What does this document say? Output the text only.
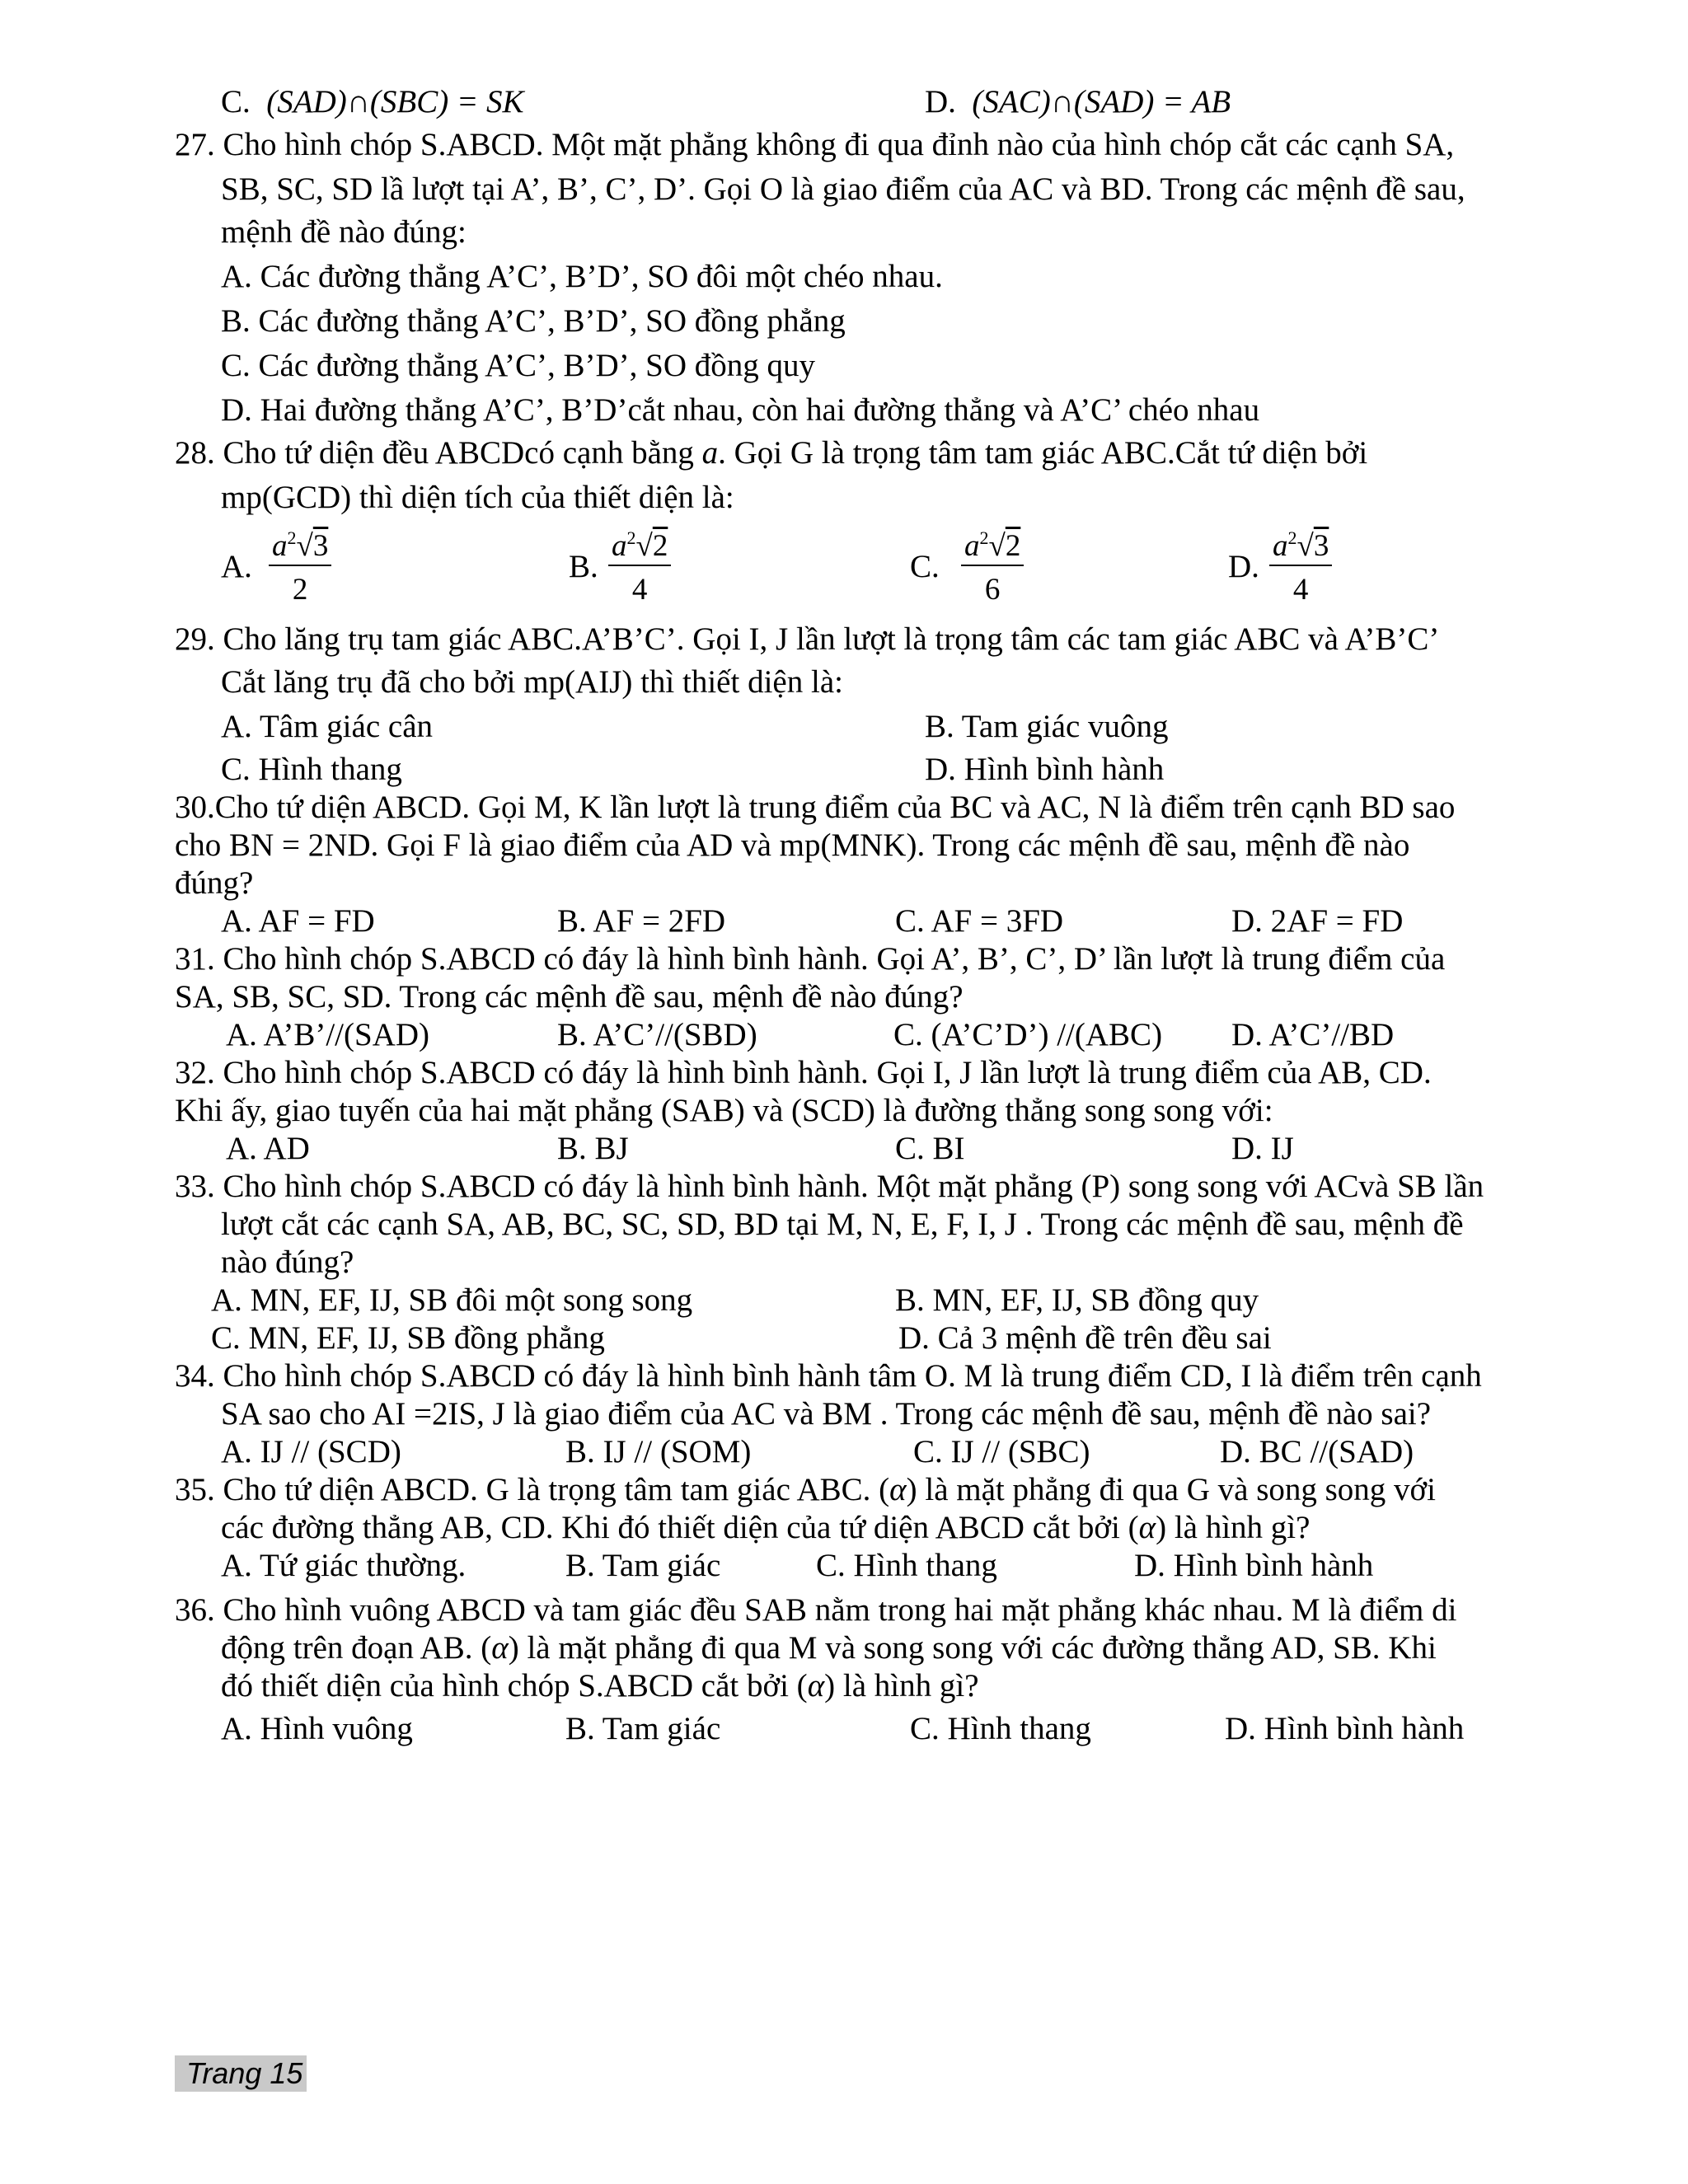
C. (SAD)∩(SBC) = SK	D. (SAC)∩(SAD) = AB
27. Cho hình chóp S.ABCD. Một mặt phẳng không đi qua đỉnh nào của hình chóp cắt các cạnh SA,
SB, SC, SD lầ lượt tại A’, B’, C’, D’. Gọi O là giao điểm của AC và BD. Trong các mệnh đề sau,
mệnh đề nào đúng:
A. Các đường thẳng A’C’, B’D’, SO đôi một chéo nhau.
B. Các đường thẳng A’C’, B’D’, SO đồng phẳng
C. Các đường thẳng A’C’, B’D’, SO đồng quy
D. Hai đường thẳng A’C’, B’D’cắt nhau, còn hai đường thẳng và A’C’ chéo nhau
28. Cho tứ diện đều ABCDcó cạnh bằng a. Gọi G là trọng tâm tam giác ABC.Cắt tứ diện bởi
mp(GCD) thì diện tích của thiết diện là:
A. $\frac{a^2√3}{2}$	B. $\frac{a^2√2}{4}$	C. $\frac{a^2√2}{6}$	D. $\frac{a^2√3}{4}$
29. Cho lăng trụ tam giác ABC.A’B’C’. Gọi I, J lần lượt là trọng tâm các tam giác ABC và A’B’C’
Cắt lăng trụ đã cho bởi mp(AIJ) thì thiết diện là:
A. Tâm giác cân	B. Tam giác vuông
C. Hình thang	D. Hình bình hành
30.Cho tứ diện ABCD. Gọi M, K lần lượt là trung điểm của BC và AC, N là điểm trên cạnh BD sao
cho BN = 2ND. Gọi F là giao điểm của AD và mp(MNK). Trong các mệnh đề sau, mệnh đề nào
đúng?
A. AF = FD	B. AF = 2FD	C. AF = 3FD	D. 2AF = FD
31. Cho hình chóp S.ABCD có đáy là hình bình hành. Gọi A’, B’, C’, D’ lần lượt là trung điểm của
SA, SB, SC, SD. Trong các mệnh đề sau, mệnh đề nào đúng?
A. A’B’//(SAD)	B. A’C’//(SBD)	C. (A’C’D’) //(ABC) D. A’C’//BD
32. Cho hình chóp S.ABCD có đáy là hình bình hành. Gọi I, J lần lượt là trung điểm của AB, CD.
Khi ấy, giao tuyến của hai mặt phẳng (SAB) và (SCD) là đường thẳng song song với:
A. AD	B. BJ	C. BI	D. IJ
33. Cho hình chóp S.ABCD có đáy là hình bình hành. Một mặt phẳng (P) song song với ACvà SB lần
lượt cắt các cạnh SA, AB, BC, SC, SD, BD tại M, N, E, F, I, J . Trong các mệnh đề sau, mệnh đề
nào đúng?
A. MN, EF, IJ, SB đôi một song song	B. MN, EF, IJ, SB đồng quy
C. MN, EF, IJ, SB đồng phẳng	D. Cả 3 mệnh đề trên đều sai
34. Cho hình chóp S.ABCD có đáy là hình bình hành tâm O. M là trung điểm CD, I là điểm trên cạnh
SA sao cho AI =2IS, J là giao điểm của AC và BM . Trong các mệnh đề sau, mệnh đề nào sai?
A. IJ // (SCD)	B. IJ // (SOM)	C. IJ // (SBC)	D. BC //(SAD)
35. Cho tứ diện ABCD. G là trọng tâm tam giác ABC. (α) là mặt phẳng đi qua G và song song với
các đường thẳng AB, CD. Khi đó thiết diện của tứ diện ABCD cắt bởi (α) là hình gì?
A. Tứ giác thường.	B. Tam giác	C. Hình thang	D. Hình bình hành
36. Cho hình vuông ABCD và tam giác đều SAB nằm trong hai mặt phẳng khác nhau. M là điểm di
động trên đoạn AB. (α) là mặt phẳng đi qua M và song song với các đường thẳng AD, SB. Khi
đó thiết diện của hình chóp S.ABCD cắt bởi (α) là hình gì?
A. Hình vuông	B. Tam giác	C. Hình thang	D. Hình bình hành
Trang 15
